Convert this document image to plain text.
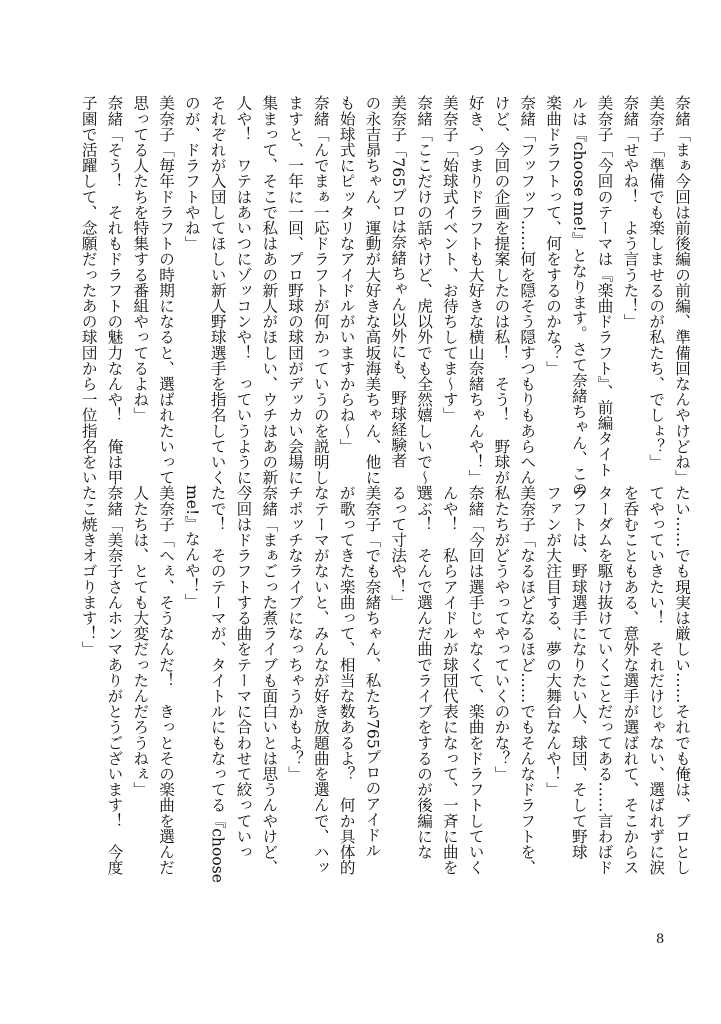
奈緒「まぁ今回は前後編の前編、準備回なんやけどね」
美奈子「準備でも楽しませるのが私たち、でしょ？」
奈緒「せやね！　よう言うた！」
美奈子「今回のテーマは『楽曲ドラフト』、前編タイト
ルは『choose me!』となります。さて奈緒ちゃん、この
楽曲ドラフトって、何をするのかな？」
奈緒「フッフッフ……何を隠そう隠すつもりもあらへん
けど、今回の企画を提案したのは私！　そう！　野球が
好き、つまりドラフトも大好きな横山奈緒ちゃんや！」
美奈子「始球式イベント、お待ちしてま～す」
奈緒「ここだけの話やけど、虎以外でも全然嬉しいで～」
美奈子「765プロは奈緒ちゃん以外にも、野球経験者
の永吉昴ちゃん、運動が大好きな高坂海美ちゃん、他に
も始球式にピッタリなアイドルがいますからね～」
奈緒「んでまぁ一応ドラフトが何かっていうのを説明し
ますと、一年に一回、プロ野球の球団がデッカい会場に
集まって、そこで私はあの新人がほしい、ウチはあの新
人や！　ワテはあいつにゾッコンや！　っていうように、
それぞれが入団してほしい新人野球選手を指名していく
のが、ドラフトやね」
美奈子「毎年ドラフトの時期になると、選ばれたいって
思ってる人たちを特集する番組やってるよね」
奈緒「そう！　それもドラフトの魅力なんや！　俺は甲
子園で活躍して、念願だったあの球団から一位指名をい
たい……でも現実は厳しい……それでも俺は、プロとし
てやっていきたい！　それだけじゃない、選ばれずに涙
を呑むこともある、意外な選手が選ばれて、そこからス
ターダムを駆け抜けていくことだってある……言わばド
ラフトは、野球選手になりたい人、球団、そして野球
ファンが大注目する、夢の大舞台なんや！」
美奈子「なるほどなるほど……でもそんなドラフトを、
私たちがどうやってやっていくのかな？」
奈緒「今回は選手じゃなくて、楽曲をドラフトしていく
んや！　私らアイドルが球団代表になって、一斉に曲を
選ぶ！　そんで選んだ曲でライブをするのが後編にな
るって寸法や！」
美奈子「でも奈緒ちゃん、私たち765プロのアイドル
が歌ってきた楽曲って、相当な数あるよ？　何か具体的
なテーマがないと、みんなが好き放題曲を選んで、ハッ
チポッチなライブになっちゃうかもよ？」
奈緒「まぁごった煮ライブも面白いとは思うんやけど、
今回はドラフトする曲をテーマに合わせて絞っていっ
たで！　そのテーマが、タイトルにもなってる『choose
me!』なんや！」
美奈子「へぇ、そうなんだ！　きっとその楽曲を選んだ
人たちは、とても大変だったんだろうねぇ」
奈緒「美奈子さんホンマありがとうございます！　今度
たこ焼きオゴります！」
8
